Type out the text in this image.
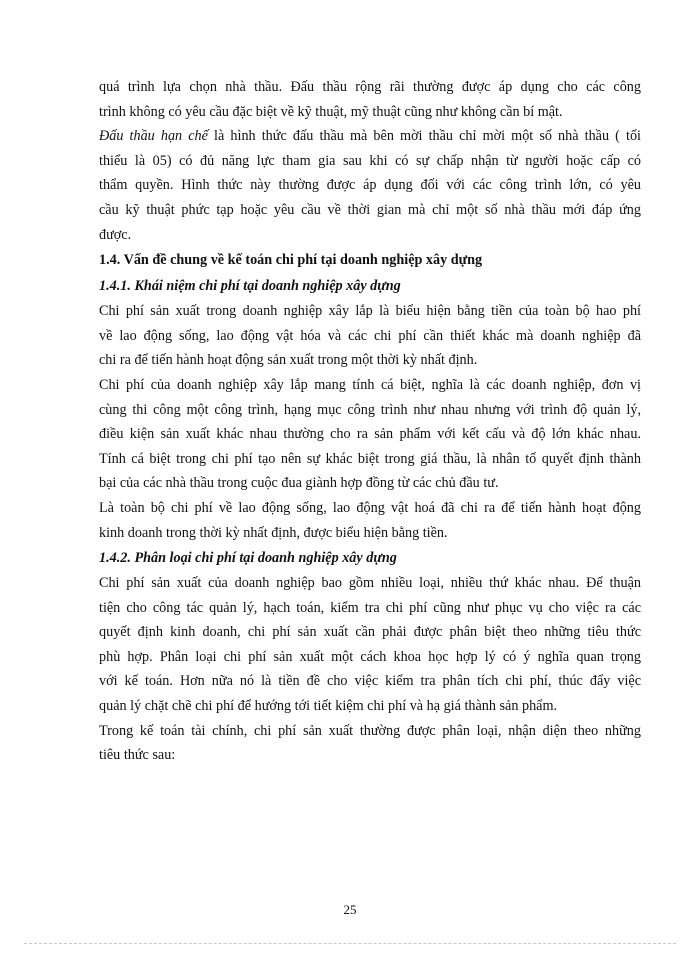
quá trình lựa chọn nhà thầu. Đấu thầu rộng rãi thường được áp dụng cho các công
trình không có yêu cầu đặc biệt về kỹ thuật, mỹ thuật cũng như không cần bí mật.
Đấu thầu hạn chế là hình thức đấu thầu mà bên mời thầu chỉ mời một số nhà thầu ( tối
thiểu là 05) có đủ năng lực tham gia sau khi có sự chấp nhận từ người hoặc cấp có
thẩm quyền. Hình thức này thường được áp dụng đối với các công trình lớn, có yêu
cầu kỹ thuật phức tạp hoặc yêu cầu về thời gian mà chỉ một số nhà thầu mới đáp ứng
được.
1.4. Vấn đề chung về kế toán chi phí tại doanh nghiệp xây dựng
1.4.1. Khái niệm chi phí tại doanh nghiệp xây dựng
Chi phí sản xuất trong doanh nghiệp xây lắp là biểu hiện bằng tiền của toàn bộ hao phí
về lao động sống, lao động vật hóa và các chi phí cần thiết khác mà doanh nghiệp đã
chi ra để tiến hành hoạt động sản xuất trong một thời kỳ nhất định.
Chi phí của doanh nghiệp xây lắp mang tính cá biệt, nghĩa là các doanh nghiệp, đơn vị
cùng thi công một công trình, hạng mục công trình như nhau nhưng với trình độ quản lý,
điều kiện sản xuất khác nhau thường cho ra sản phẩm với kết cấu và độ lớn khác nhau.
Tính cá biệt trong chi phí tạo nên sự khác biệt trong giá thầu, là nhân tố quyết định thành
bại của các nhà thầu trong cuộc đua giành hợp đồng từ các chủ đầu tư.
Là toàn bộ chi phí về lao động sống, lao động vật hoá đã chi ra để tiến hành hoạt động
kinh doanh trong thời kỳ nhất định, được biểu hiện bằng tiền.
1.4.2. Phân loại chi phí tại doanh nghiệp xây dựng
Chi phí sản xuất của doanh nghiệp bao gồm nhiều loại, nhiều thứ khác nhau. Để thuận
tiện cho công tác quản lý, hạch toán, kiểm tra chi phí cũng như phục vụ cho việc ra các
quyết định kinh doanh, chi phí sản xuất cần phải được phân biệt theo những tiêu thức
phù hợp. Phân loại chi phí sản xuất một cách khoa học hợp lý có ý nghĩa quan trọng
với kế toán. Hơn nữa nó là tiền đề cho việc kiểm tra phân tích chi phí, thúc đẩy việc
quản lý chặt chẽ chi phí để hướng tới tiết kiệm chi phí và hạ giá thành sản phẩm.
Trong kế toán tài chính, chi phí sản xuất thường được phân loại, nhận diện theo những
tiêu thức sau:
25
